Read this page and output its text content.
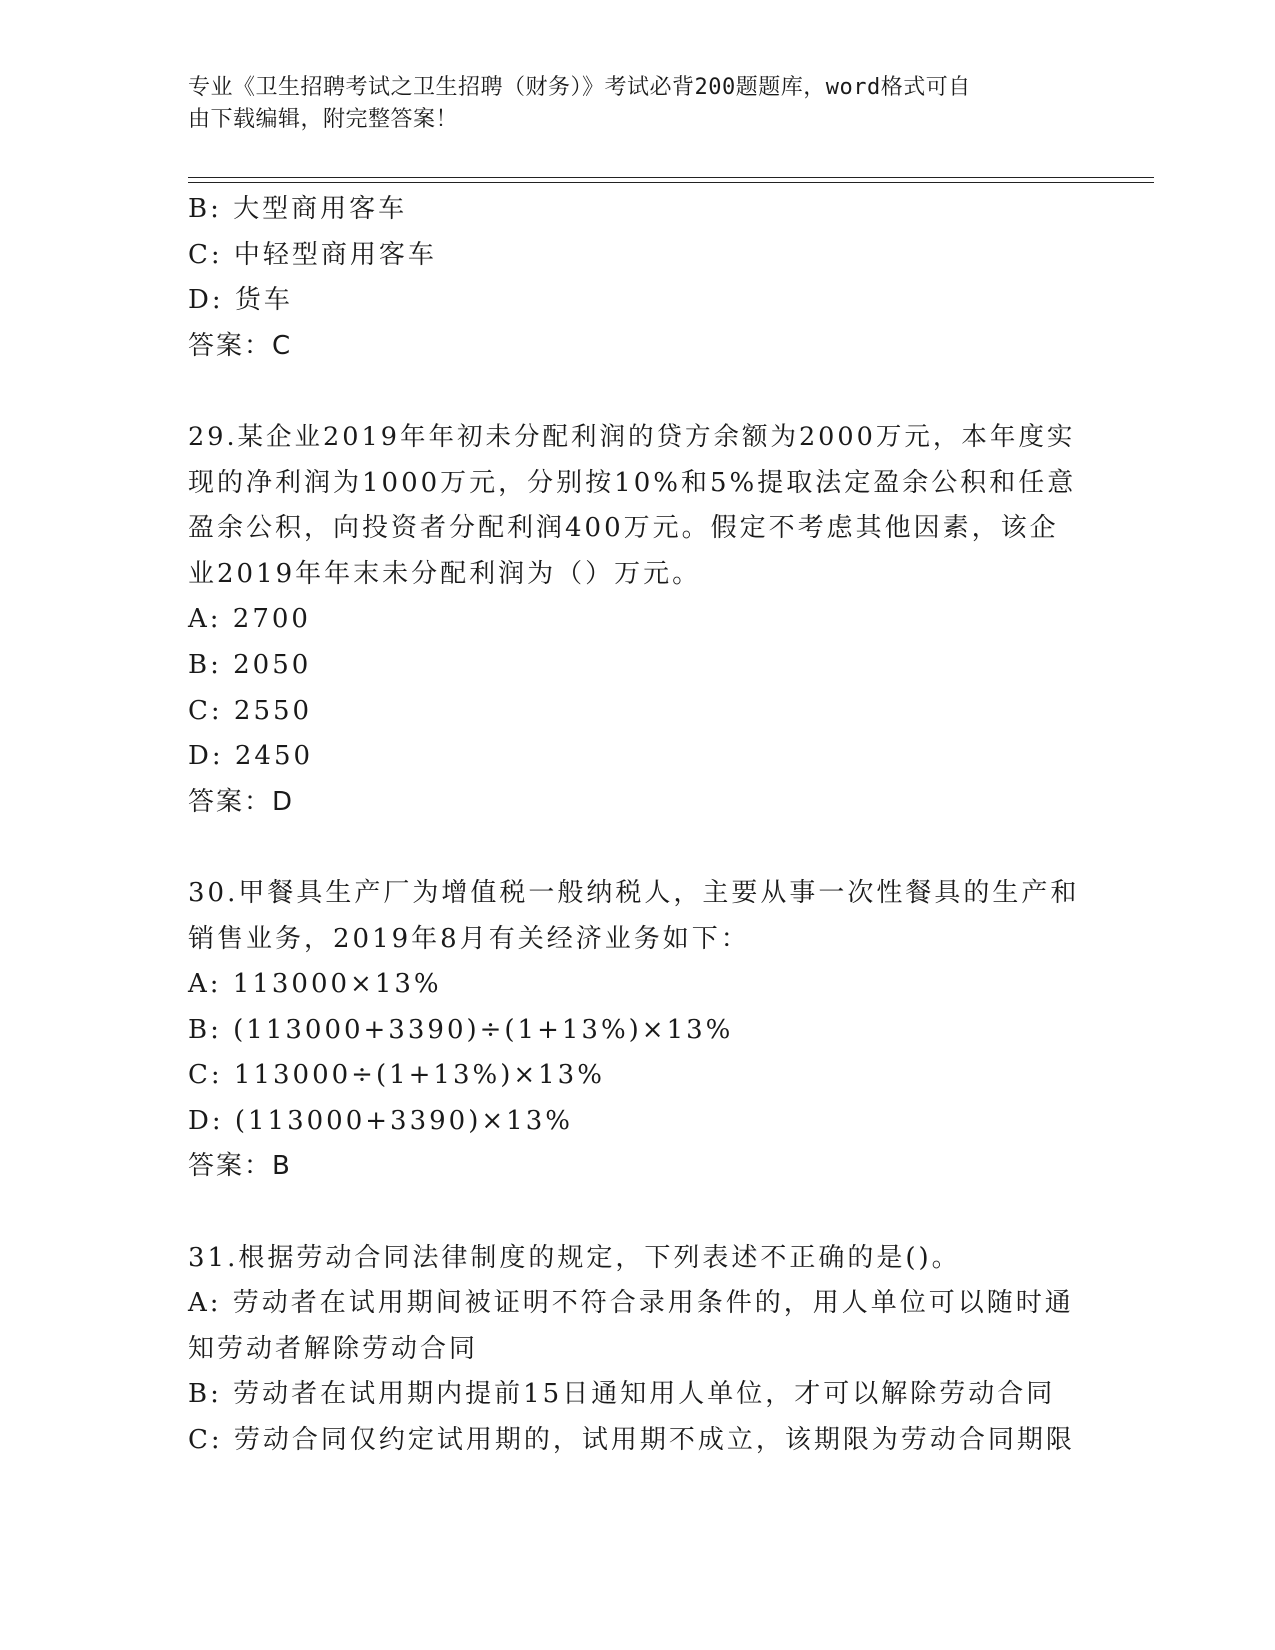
专业《卫生招聘考试之卫生招聘（财务）》考试必背200题题库，word格式可自
由下载编辑，附完整答案！
B: 大型商用客车
C: 中轻型商用客车
D: 货车
答案：C
29.某企业2019年年初未分配利润的贷方余额为2000万元，本年度实
现的净利润为1000万元，分别按10%和5%提取法定盈余公积和任意
盈余公积，向投资者分配利润400万元。假定不考虑其他因素，该企
业2019年年末未分配利润为（）万元。
A: 2700
B: 2050
C: 2550
D: 2450
答案：D
30.甲餐具生产厂为增值税一般纳税人，主要从事一次性餐具的生产和
销售业务，2019年8月有关经济业务如下：
A: 113000×13%
B: (113000+3390)÷(1+13%)×13%
C: 113000÷(1+13%)×13%
D: (113000+3390)×13%
答案：B
31.根据劳动合同法律制度的规定，下列表述不正确的是()。
A: 劳动者在试用期间被证明不符合录用条件的，用人单位可以随时通
知劳动者解除劳动合同
B: 劳动者在试用期内提前15日通知用人单位，才可以解除劳动合同
C: 劳动合同仅约定试用期的，试用期不成立，该期限为劳动合同期限
